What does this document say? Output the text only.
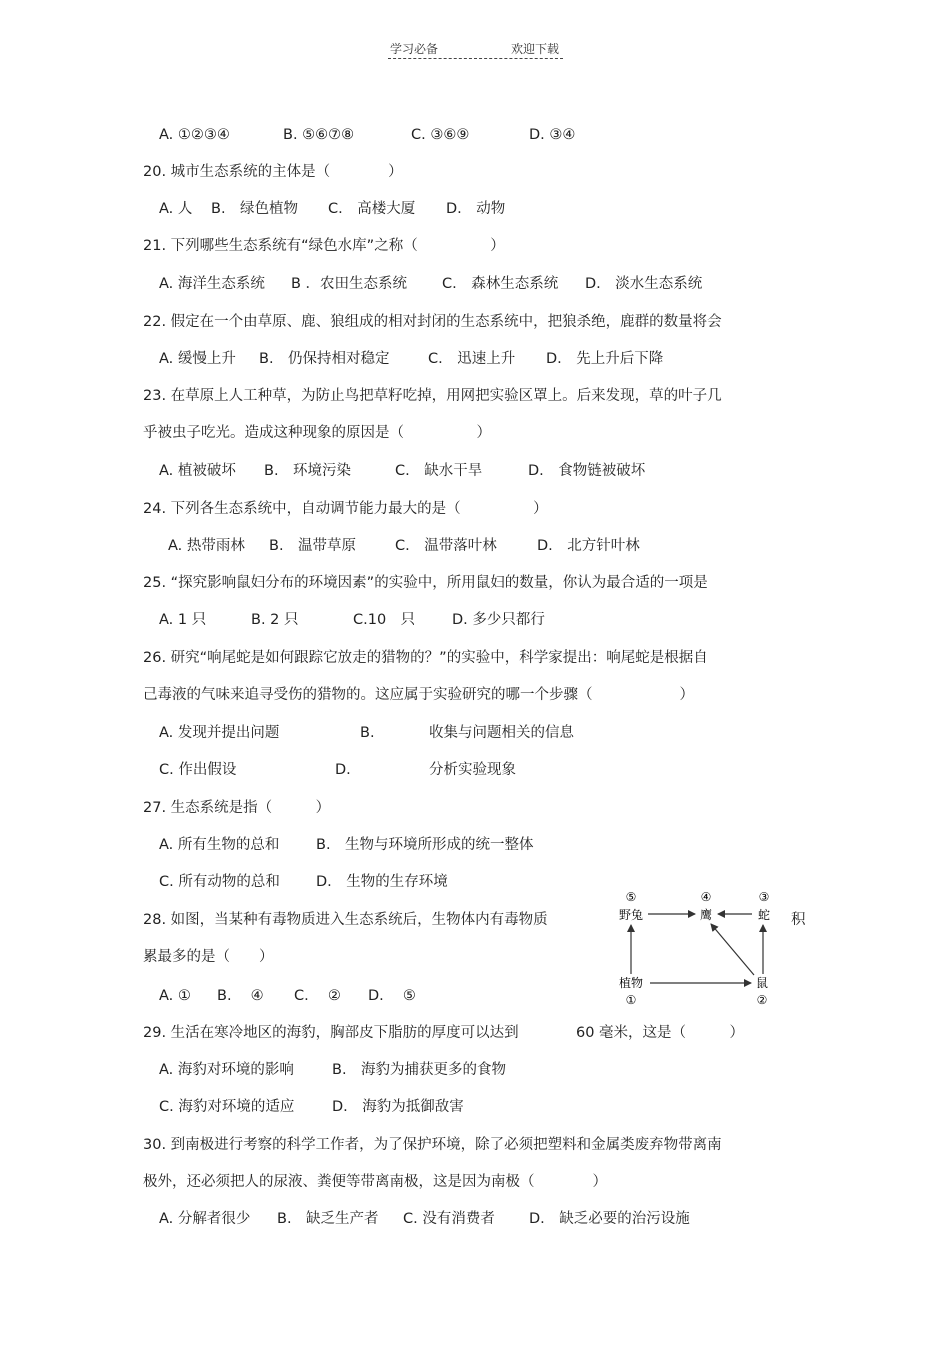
学习必备	欢迎下载
A. ①②③④	B. ⑤⑥⑦⑧	C. ③⑥⑨	D. ③④
20. 城市生态系统的主体是（　　　　）
A. 人 B.　绿色植物 C.　高楼大厦 D.　动物
21. 下列哪些生态系统有“绿色水库”之称（　　　　　）
A. 海洋生态系统 B ．农田生态系统 C.　森林生态系统 D.　淡水生态系统
22. 假定在一个由草原、鹿、狼组成的相对封闭的生态系统中，把狼杀绝，鹿群的数量将会
A. 缓慢上升 B.　仍保持相对稳定	C.　迅速上升 D.　先上升后下降
23. 在草原上人工种草，为防止鸟把草籽吃掉，用网把实验区罩上。后来发现，草的叶子几
乎被虫子吃光。造成这种现象的原因是（　　　　　）
A. 植被破坏 B.　环境污染	C.　缺水干旱	D.　食物链被破坏
24. 下列各生态系统中，自动调节能力最大的是（　　　　　）
A. 热带雨林 B.　温带草原	C.　温带落叶林	D.　北方针叶林
25. “探究影响鼠妇分布的环境因素”的实验中，所用鼠妇的数量，你认为最合适的一项是
A. 1 只	B. 2 只	C.10　只	D. 多少只都行
26. 研究“响尾蛇是如何跟踪它放走的猎物的？”的实验中，科学家提出：响尾蛇是根据自
己毒液的气味来追寻受伤的猎物的。这应属于实验研究的哪一个步骤（　　　　　　）
A. 发现并提出问题	B.	收集与问题相关的信息
C. 作出假设	D.	分析实验现象
27. 生态系统是指（　　　）
A. 所有生物的总和	B.　生物与环境所形成的统一整体
C. 所有动物的总和 D.　生物的生存环境
28. 如图，当某种有毒物质进入生态系统后，生物体内有毒物质	积
累最多的是（　　）
A. ① B.　 ④ C.　 ② D.　 ⑤
⑤
野兔
④
鹰
③
蛇
植物
①
鼠
②
29. 生活在寒冷地区的海豹，胸部皮下脂肪的厚度可以达到	60 毫米，这是（　　　）
A. 海豹对环境的影响	B.　海豹为捕获更多的食物
C. 海豹对环境的适应	D.　海豹为抵御敌害
30. 到南极进行考察的科学工作者，为了保护环境，除了必须把塑料和金属类废弃物带离南
极外，还必须把人的尿液、粪便等带离南极，这是因为南极（　　　　）
A. 分解者很少 B.　缺乏生产者 C. 没有消费者 D.　缺乏必要的治污设施
